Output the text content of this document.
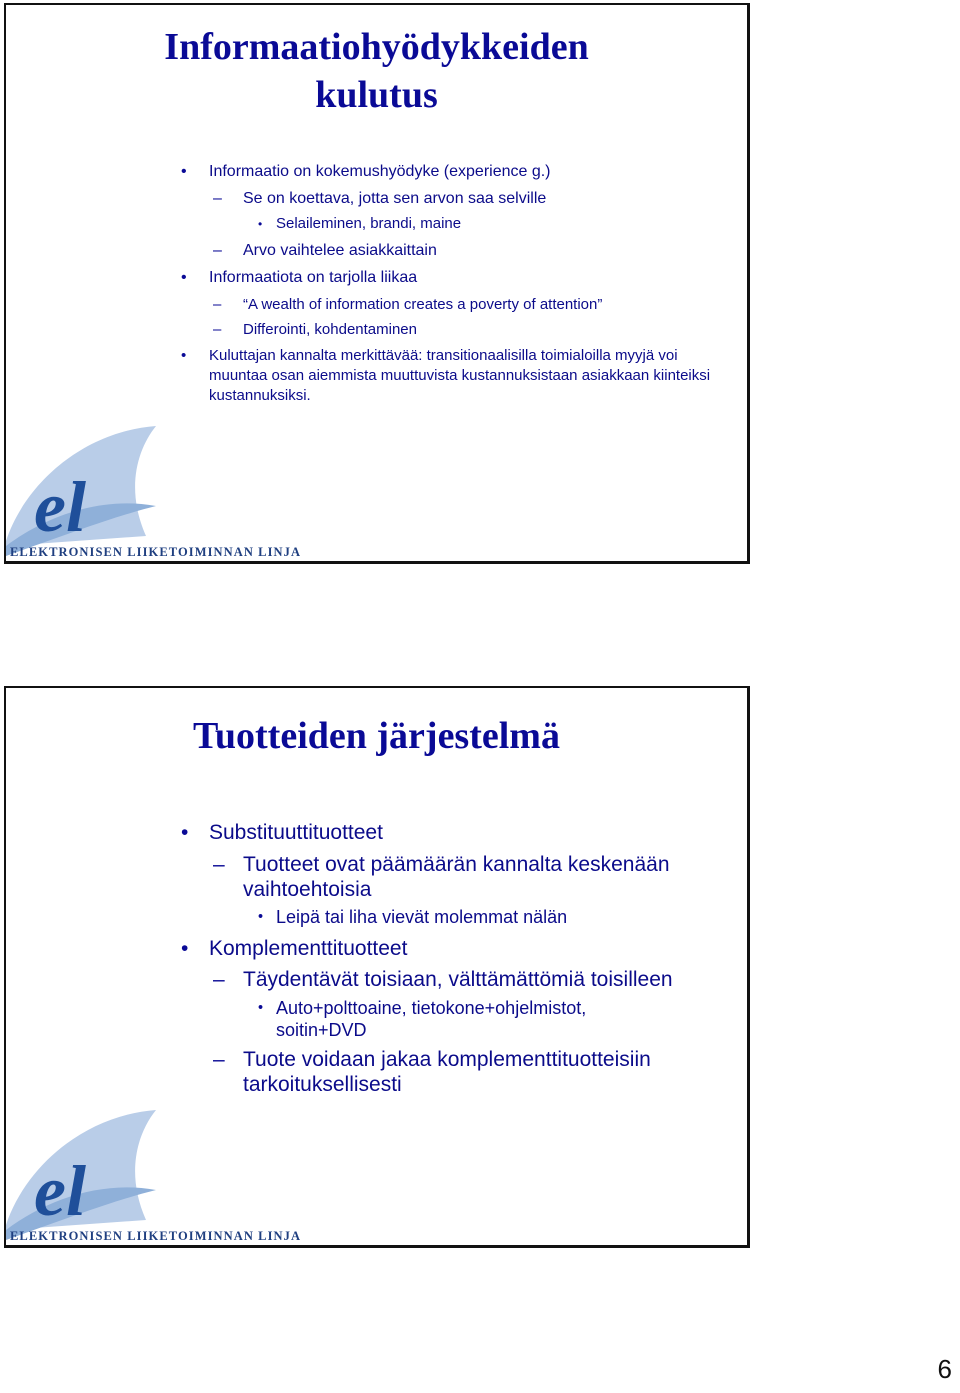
Informaatiohyödykkeiden
kulutus

• Informaatio on kokemushyödyke (experience g.)

– Se on koettava, jotta sen arvon saa selville

• Selaileminen, brandi, maine

– Arvo vaihtelee asiakkaittain

• Informaatiota on tarjolla liikaa

– “A wealth of information creates a poverty of attention”

– Differointi, kohdentaminen

• Kuluttajan kannalta merkittävää: transitionaalisilla toimialoilla myyjä voi muuntaa osan aiemmista muuttuvista kustannuksistaan asiakkaan kiinteiksi kustannuksiksi.

el
ELEKTRONISEN LIIKETOIMINNAN LINJA

Tuotteiden järjestelmä

• Substituuttituotteet

– Tuotteet ovat päämäärän kannalta keskenään vaihtoehtoisia

• Leipä tai liha vievät molemmat nälän

• Komplementtituotteet

– Täydentävät toisiaan, välttämättömiä toisilleen

• Auto+polttoaine, tietokone+ohjelmistot, soitin+DVD

– Tuote voidaan jakaa komplementtituotteisiin tarkoituksellisesti

el
ELEKTRONISEN LIIKETOIMINNAN LINJA
6
